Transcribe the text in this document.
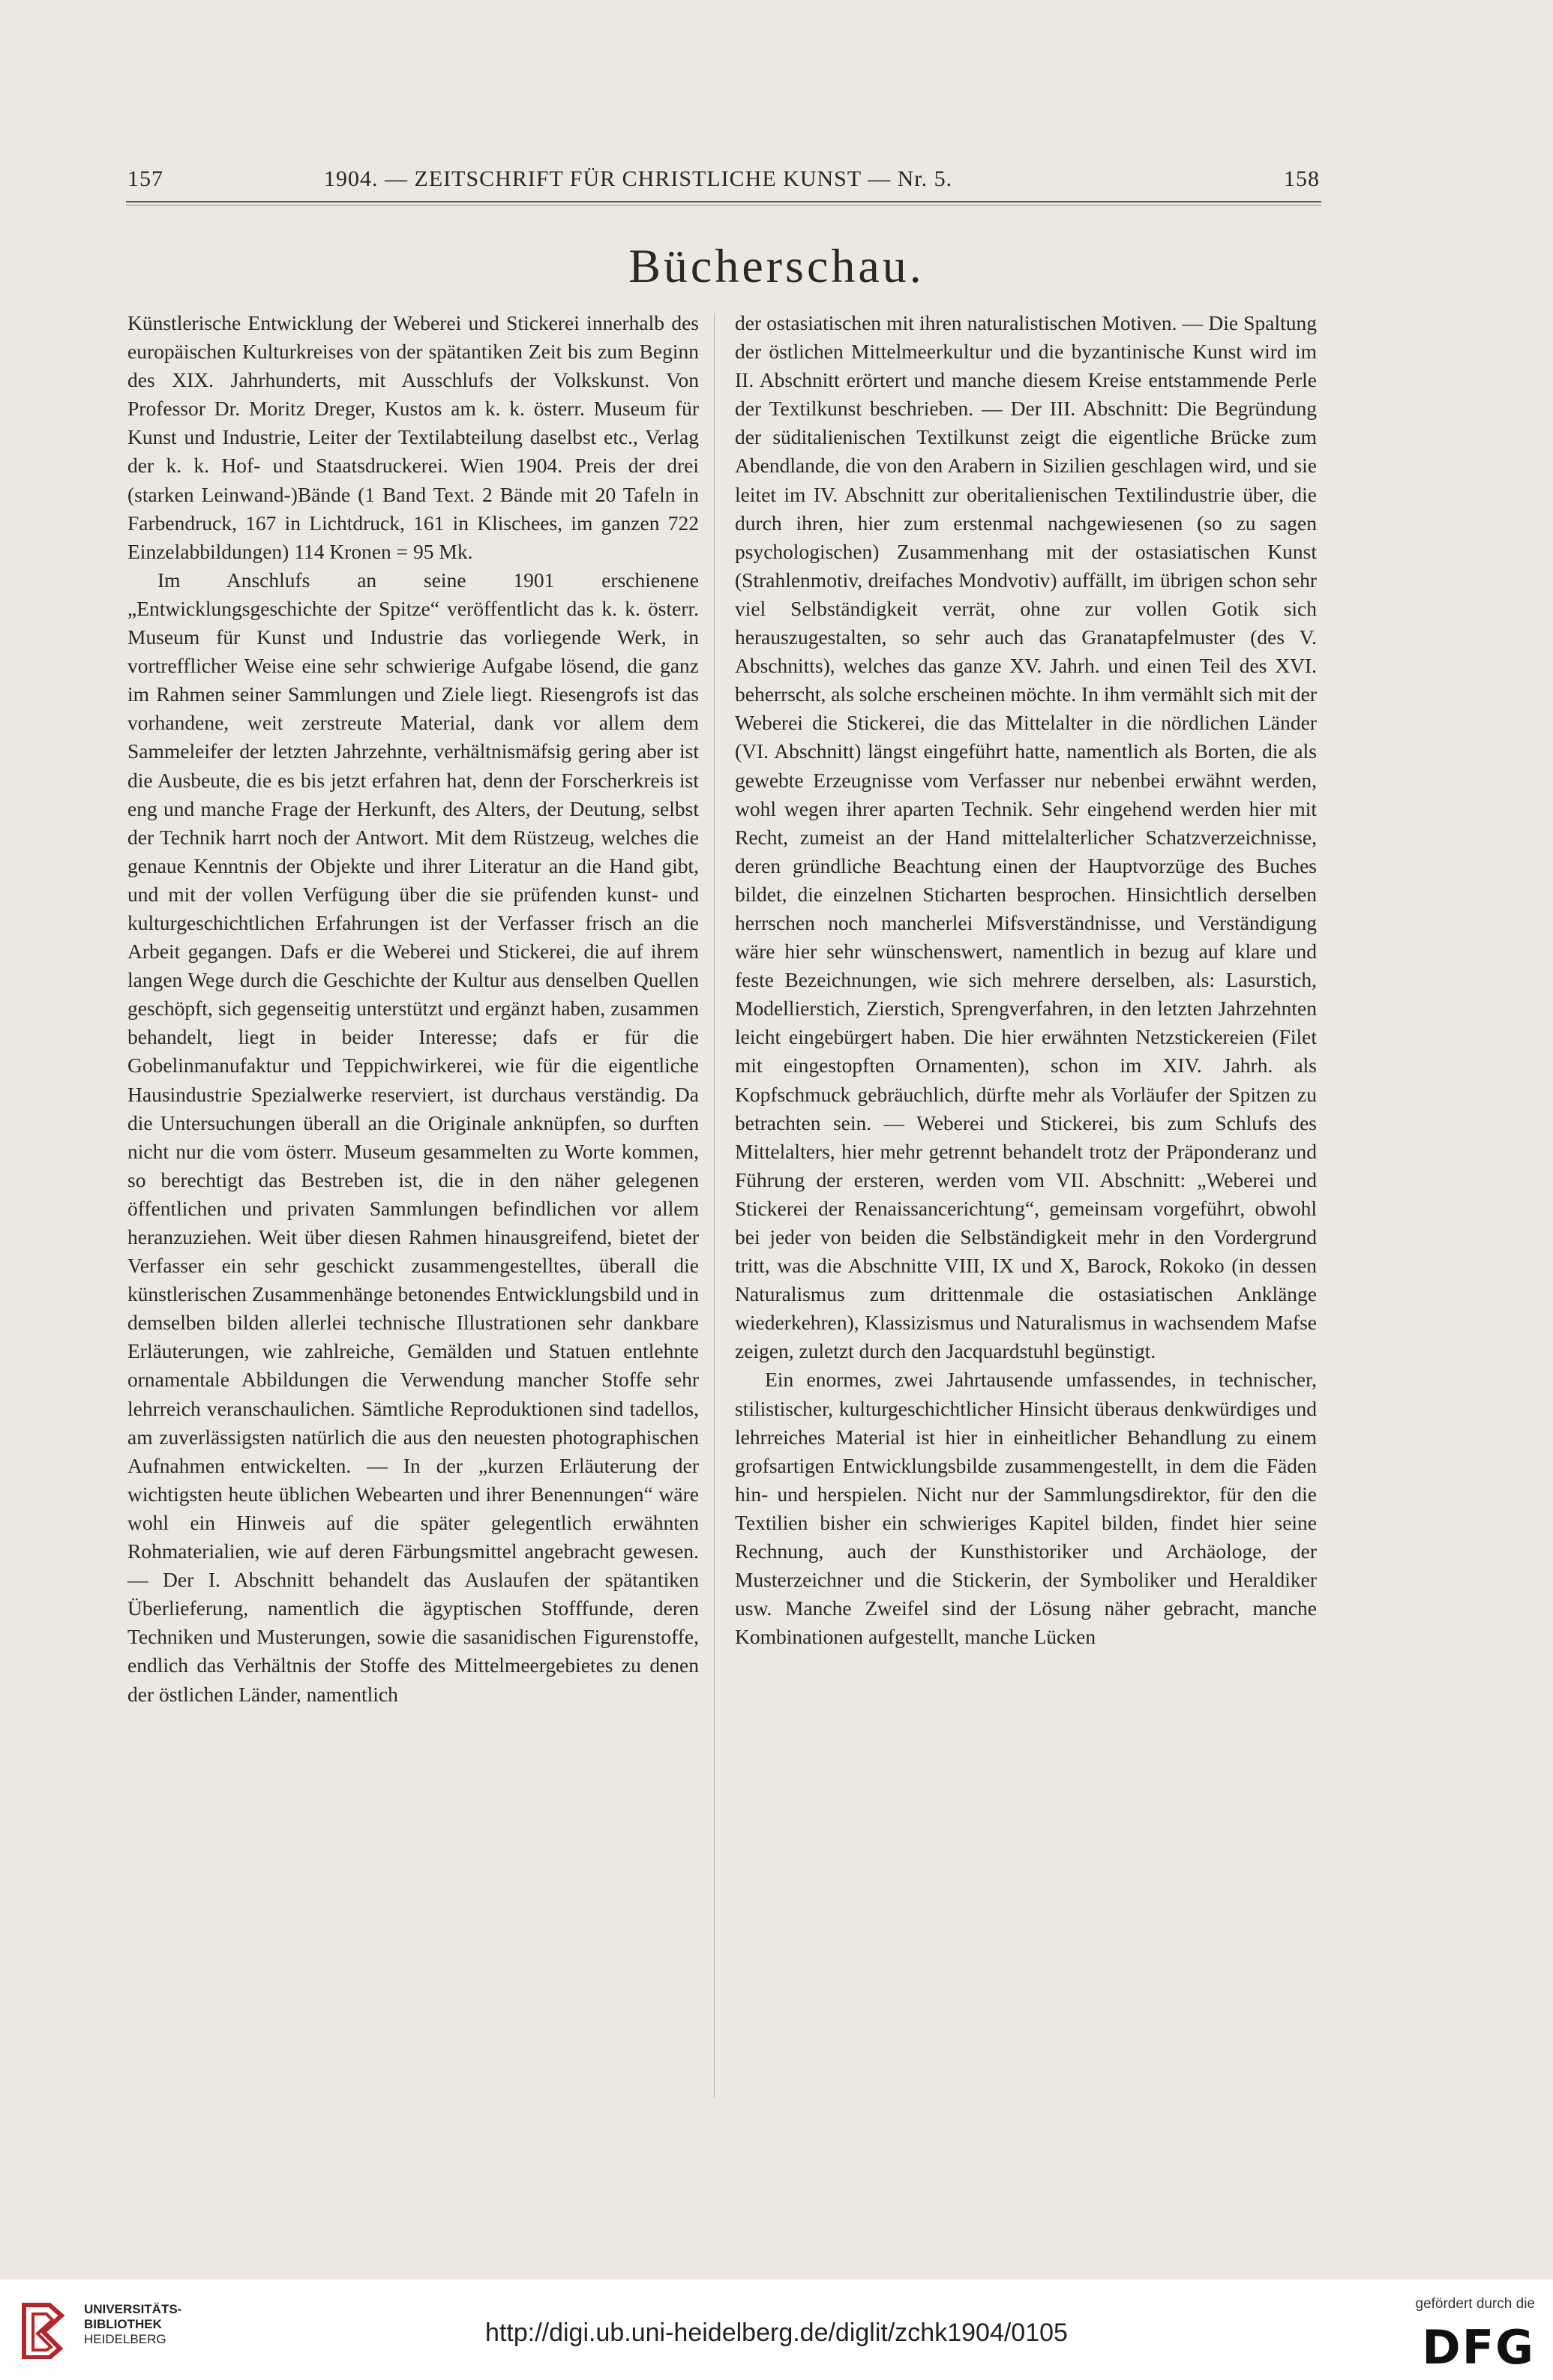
157	1904. — ZEITSCHRIFT FÜR CHRISTLICHE KUNST — Nr. 5.	158
Bücherschau.

Künstlerische Entwicklung der Weberei und Stickerei innerhalb des europäischen Kulturkreises von der spätantiken Zeit bis zum Beginn des XIX. Jahrhunderts, mit Ausschlufs der Volkskunst. Von Professor Dr. Moritz Dreger, Kustos am k. k. österr. Museum für Kunst und Industrie, Leiter der Textilabteilung daselbst etc., Verlag der k. k. Hof- und Staatsdruckerei. Wien 1904. Preis der drei (starken Leinwand-)Bände (1 Band Text. 2 Bände mit 20 Tafeln in Farbendruck, 167 in Lichtdruck, 161 in Klischees, im ganzen 722 Einzelabbildungen) 114 Kronen = 95 Mk.

Im Anschlufs an seine 1901 erschienene „Entwicklungsgeschichte der Spitze“ veröffentlicht das k. k. österr. Museum für Kunst und Industrie das vorliegende Werk, in vortrefflicher Weise eine sehr schwierige Aufgabe lösend, die ganz im Rahmen seiner Sammlungen und Ziele liegt. Riesengrofs ist das vorhandene, weit zerstreute Material, dank vor allem dem Sammeleifer der letzten Jahrzehnte, verhältnismäfsig gering aber ist die Ausbeute, die es bis jetzt erfahren hat, denn der Forscherkreis ist eng und manche Frage der Herkunft, des Alters, der Deutung, selbst der Technik harrt noch der Antwort. Mit dem Rüstzeug, welches die genaue Kenntnis der Objekte und ihrer Literatur an die Hand gibt, und mit der vollen Verfügung über die sie prüfenden kunst- und kulturgeschichtlichen Erfahrungen ist der Verfasser frisch an die Arbeit gegangen. Dafs er die Weberei und Stickerei, die auf ihrem langen Wege durch die Geschichte der Kultur aus denselben Quellen geschöpft, sich gegenseitig unterstützt und ergänzt haben, zusammen behandelt, liegt in beider Interesse; dafs er für die Gobelinmanufaktur und Teppichwirkerei, wie für die eigentliche Hausindustrie Spezialwerke reserviert, ist durchaus verständig. Da die Untersuchungen überall an die Originale anknüpfen, so durften nicht nur die vom österr. Museum gesammelten zu Worte kommen, so berechtigt das Bestreben ist, die in den näher gelegenen öffentlichen und privaten Sammlungen befindlichen vor allem heranzuziehen. Weit über diesen Rahmen hinausgreifend, bietet der Verfasser ein sehr geschickt zusammengestelltes, überall die künstlerischen Zusammenhänge betonendes Entwicklungsbild und in demselben bilden allerlei technische Illustrationen sehr dankbare Erläuterungen, wie zahlreiche, Gemälden und Statuen entlehnte ornamentale Abbildungen die Verwendung mancher Stoffe sehr lehrreich veranschaulichen. Sämtliche Reproduktionen sind tadellos, am zuverlässigsten natürlich die aus den neuesten photographischen Aufnahmen entwickelten. — In der „kurzen Erläuterung der wichtigsten heute üblichen Webearten und ihrer Benennungen“ wäre wohl ein Hinweis auf die später gelegentlich erwähnten Rohmaterialien, wie auf deren Färbungsmittel angebracht gewesen. — Der I. Abschnitt behandelt das Auslaufen der spätantiken Überlieferung, namentlich die ägyptischen Stofffunde, deren Techniken und Musterungen, sowie die sasanidischen Figurenstoffe, endlich das Verhältnis der Stoffe des Mittelmeergebietes zu denen der östlichen Länder, namentlich

der ostasiatischen mit ihren naturalistischen Motiven. — Die Spaltung der östlichen Mittelmeerkultur und die byzantinische Kunst wird im II. Abschnitt erörtert und manche diesem Kreise entstammende Perle der Textilkunst beschrieben. — Der III. Abschnitt: Die Begründung der süditalienischen Textilkunst zeigt die eigentliche Brücke zum Abendlande, die von den Arabern in Sizilien geschlagen wird, und sie leitet im IV. Abschnitt zur oberitalienischen Textilindustrie über, die durch ihren, hier zum erstenmal nachgewiesenen (so zu sagen psychologischen) Zusammenhang mit der ostasiatischen Kunst (Strahlenmotiv, dreifaches Mondvotiv) auffällt, im übrigen schon sehr viel Selbständigkeit verrät, ohne zur vollen Gotik sich herauszugestalten, so sehr auch das Granatapfelmuster (des V. Abschnitts), welches das ganze XV. Jahrh. und einen Teil des XVI. beherrscht, als solche erscheinen möchte. In ihm vermählt sich mit der Weberei die Stickerei, die das Mittelalter in die nördlichen Länder (VI. Abschnitt) längst eingeführt hatte, namentlich als Borten, die als gewebte Erzeugnisse vom Verfasser nur nebenbei erwähnt werden, wohl wegen ihrer aparten Technik. Sehr eingehend werden hier mit Recht, zumeist an der Hand mittelalterlicher Schatzverzeichnisse, deren gründliche Beachtung einen der Hauptvorzüge des Buches bildet, die einzelnen Sticharten besprochen. Hinsichtlich derselben herrschen noch mancherlei Mifsverständnisse, und Verständigung wäre hier sehr wünschenswert, namentlich in bezug auf klare und feste Bezeichnungen, wie sich mehrere derselben, als: Lasurstich, Modellierstich, Zierstich, Sprengverfahren, in den letzten Jahrzehnten leicht eingebürgert haben. Die hier erwähnten Netzstickereien (Filet mit eingestopften Ornamenten), schon im XIV. Jahrh. als Kopfschmuck gebräuchlich, dürfte mehr als Vorläufer der Spitzen zu betrachten sein. — Weberei und Stickerei, bis zum Schlufs des Mittelalters, hier mehr getrennt behandelt trotz der Präponderanz und Führung der ersteren, werden vom VII. Abschnitt: „Weberei und Stickerei der Renaissancerichtung“, gemeinsam vorgeführt, obwohl bei jeder von beiden die Selbständigkeit mehr in den Vordergrund tritt, was die Abschnitte VIII, IX und X, Barock, Rokoko (in dessen Naturalismus zum drittenmale die ostasiatischen Anklänge wiederkehren), Klassizismus und Naturalismus in wachsendem Mafse zeigen, zuletzt durch den Jacquardstuhl begünstigt.

Ein enormes, zwei Jahrtausende umfassendes, in technischer, stilistischer, kulturgeschichtlicher Hinsicht überaus denkwürdiges und lehrreiches Material ist hier in einheitlicher Behandlung zu einem grofsartigen Entwicklungsbilde zusammengestellt, in dem die Fäden hin- und herspielen. Nicht nur der Sammlungsdirektor, für den die Textilien bisher ein schwieriges Kapitel bilden, findet hier seine Rechnung, auch der Kunsthistoriker und Archäologe, der Musterzeichner und die Stickerin, der Symboliker und Heraldiker usw. Manche Zweifel sind der Lösung näher gebracht, manche Kombinationen aufgestellt, manche Lücken

UNIVERSITÄTS-
BIBLIOTHEK
HEIDELBERG	http://digi.ub.uni-heidelberg.de/diglit/zchk1904/0105
gefördert durch die
DFG
